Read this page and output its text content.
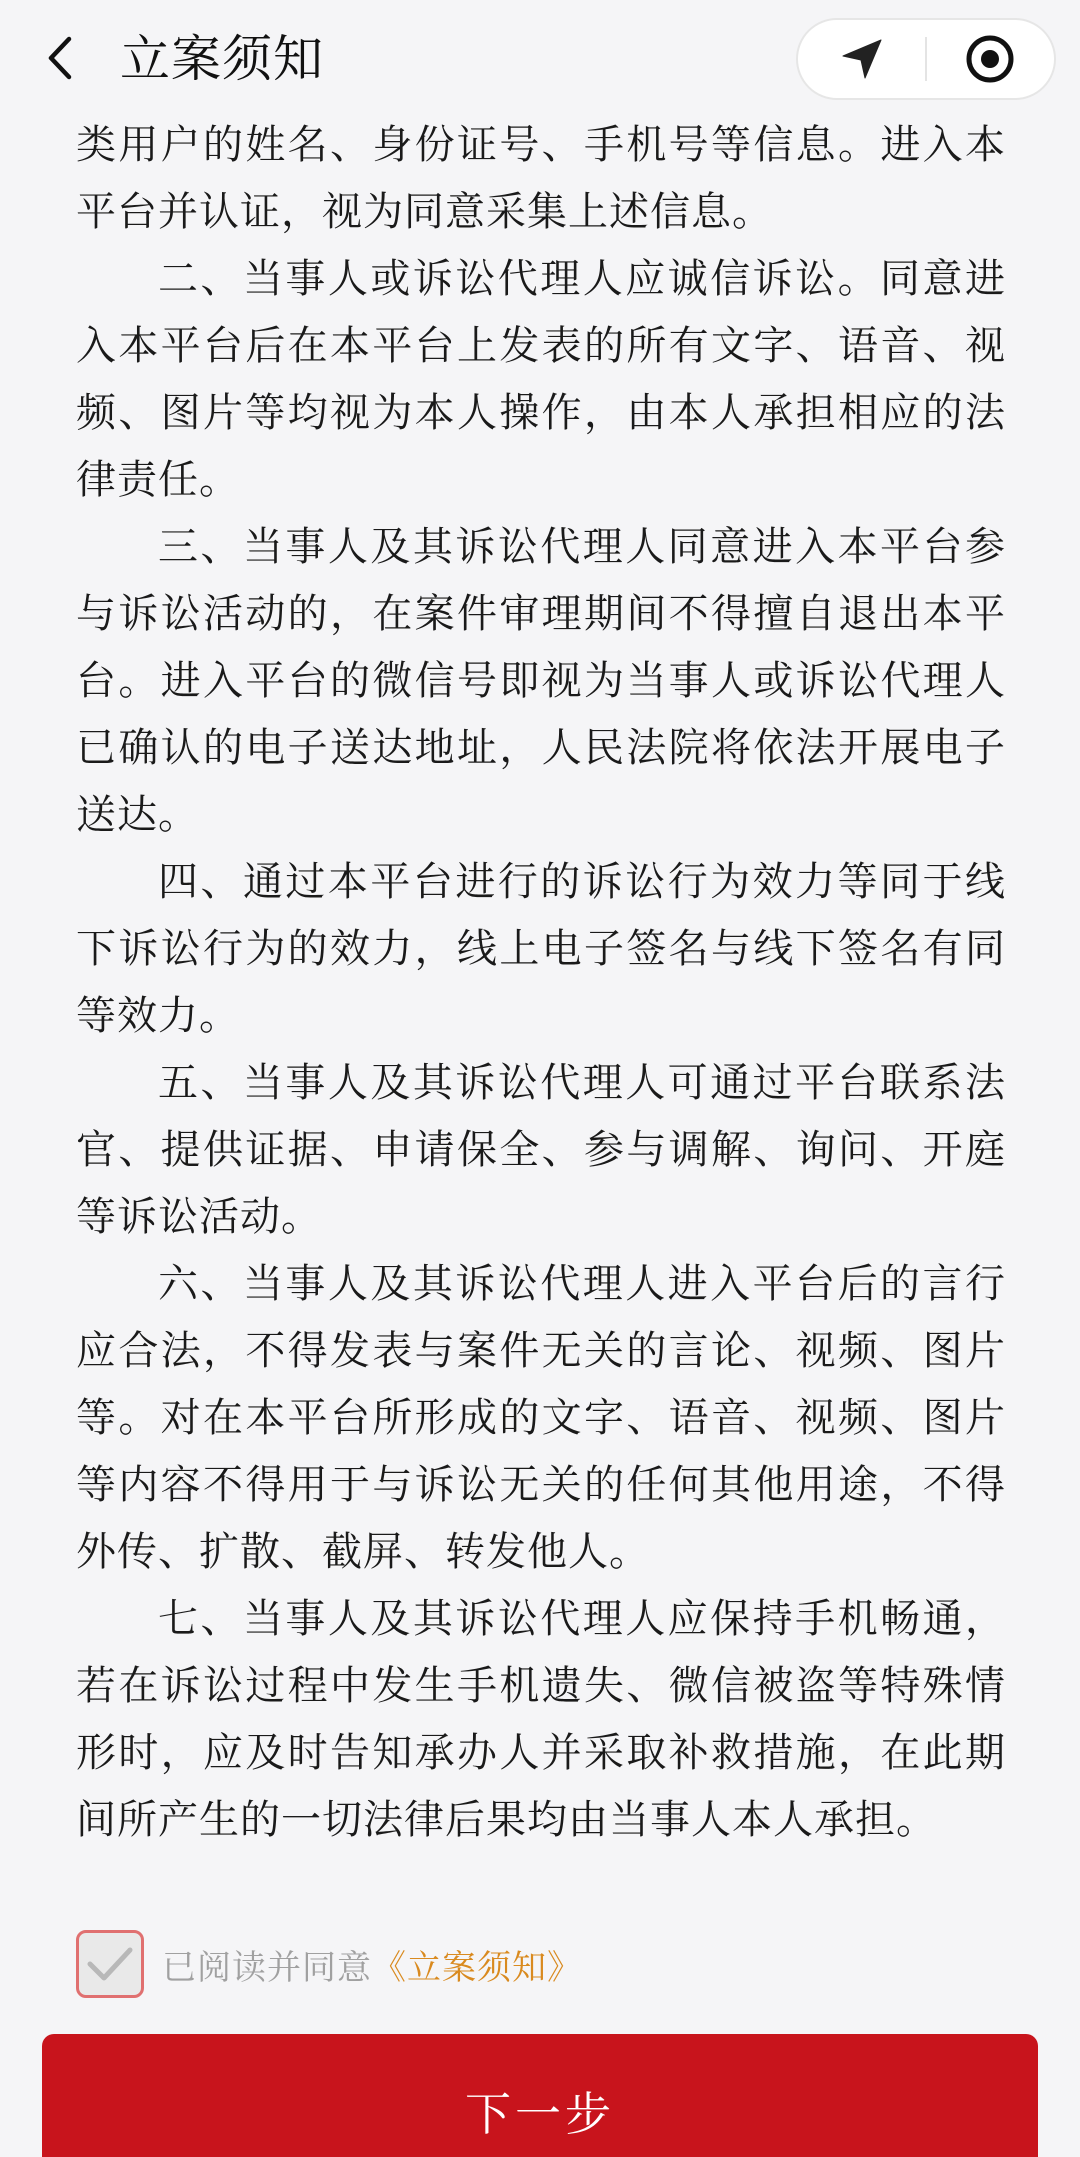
立案须知

类用户的姓名、身份证号、手机号等信息。进入本平台并认证，视为同意采集上述信息。

二、当事人或诉讼代理人应诚信诉讼。同意进入本平台后在本平台上发表的所有文字、语音、视频、图片等均视为本人操作，由本人承担相应的法律责任。

三、当事人及其诉讼代理人同意进入本平台参与诉讼活动的，在案件审理期间不得擅自退出本平台。进入平台的微信号即视为当事人或诉讼代理人已确认的电子送达地址，人民法院将依法开展电子送达。

四、通过本平台进行的诉讼行为效力等同于线下诉讼行为的效力，线上电子签名与线下签名有同等效力。

五、当事人及其诉讼代理人可通过平台联系法官、提供证据、申请保全、参与调解、询问、开庭等诉讼活动。

六、当事人及其诉讼代理人进入平台后的言行应合法，不得发表与案件无关的言论、视频、图片等。对在本平台所形成的文字、语音、视频、图片等内容不得用于与诉讼无关的任何其他用途，不得外传、扩散、截屏、转发他人。

七、当事人及其诉讼代理人应保持手机畅通，若在诉讼过程中发生手机遗失、微信被盗等特殊情形时，应及时告知承办人并采取补救措施，在此期间所产生的一切法律后果均由当事人本人承担。

已阅读并同意 《立案须知》
下一步
